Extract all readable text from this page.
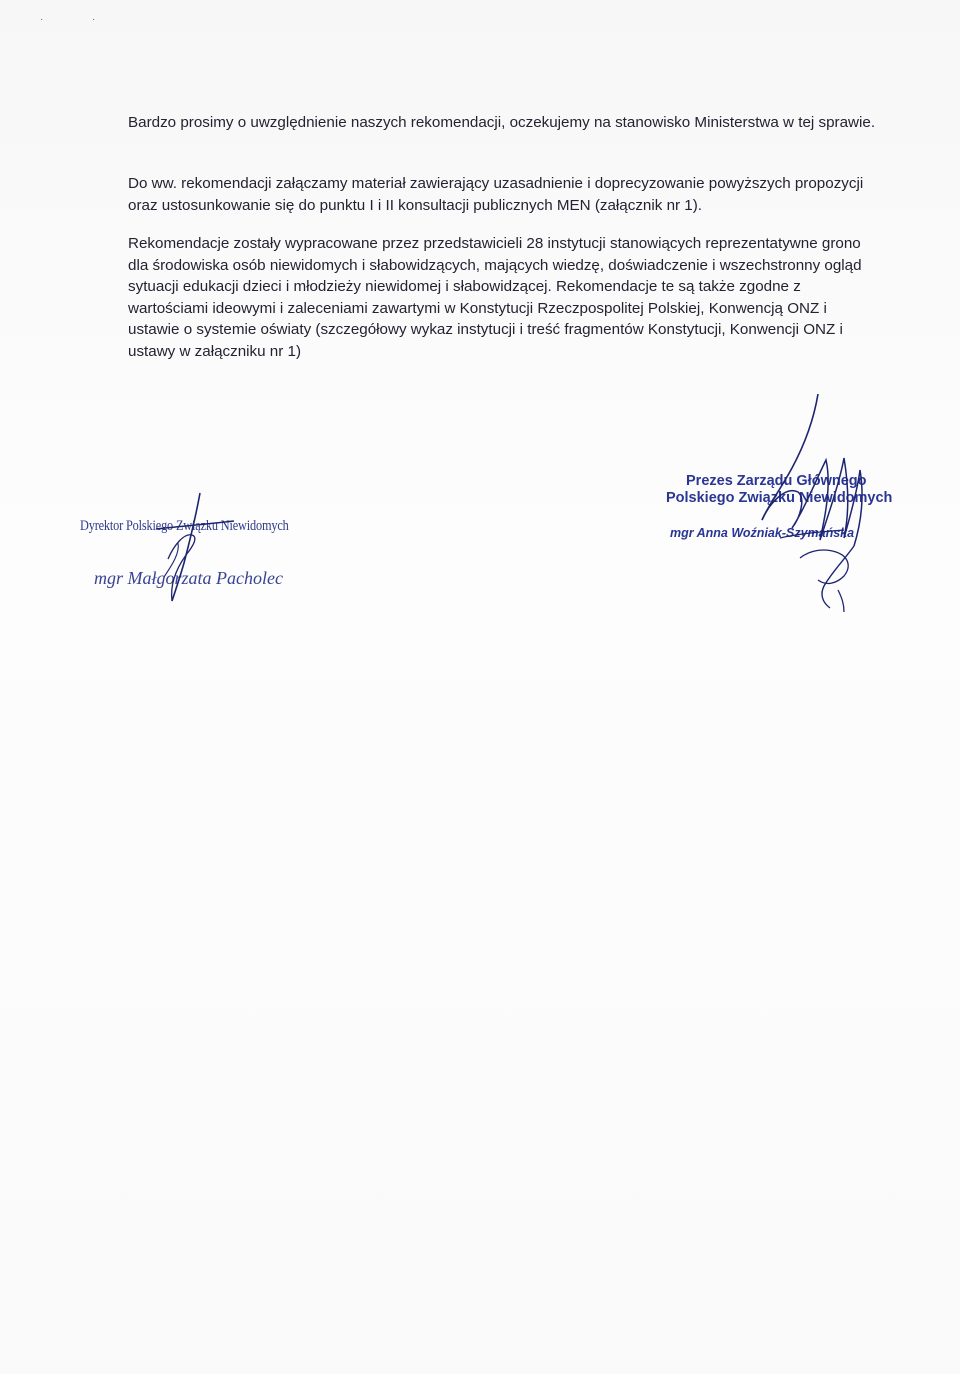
·	·

Bardzo prosimy o uwzględnienie naszych rekomendacji, oczekujemy na stanowisko Ministerstwa w tej sprawie.

Do ww. rekomendacji załączamy materiał zawierający uzasadnienie i doprecyzowanie powyższych propozycji oraz ustosunkowanie się do punktu I i II konsultacji publicznych MEN (załącznik nr 1).

Rekomendacje zostały wypracowane przez przedstawicieli 28 instytucji stanowiących reprezentatywne grono dla środowiska osób niewidomych i słabowidzących, mających wiedzę, doświadczenie i wszechstronny ogląd sytuacji edukacji dzieci i młodzieży niewidomej i słabowidzącej. Rekomendacje te są także zgodne z wartościami ideowymi i zaleceniami zawartymi w Konstytucji Rzeczpospolitej Polskiej, Konwencją ONZ i ustawie o systemie oświaty (szczegółowy wykaz instytucji i treść fragmentów Konstytucji, Konwencji ONZ i ustawy w załączniku nr 1)

Dyrektor Polskiego Związku Niewidomych
mgr Małgorzata Pacholec
Prezes Zarządu Głównego
Polskiego Związku Niewidomych
mgr Anna Woźniak-Szymańska
